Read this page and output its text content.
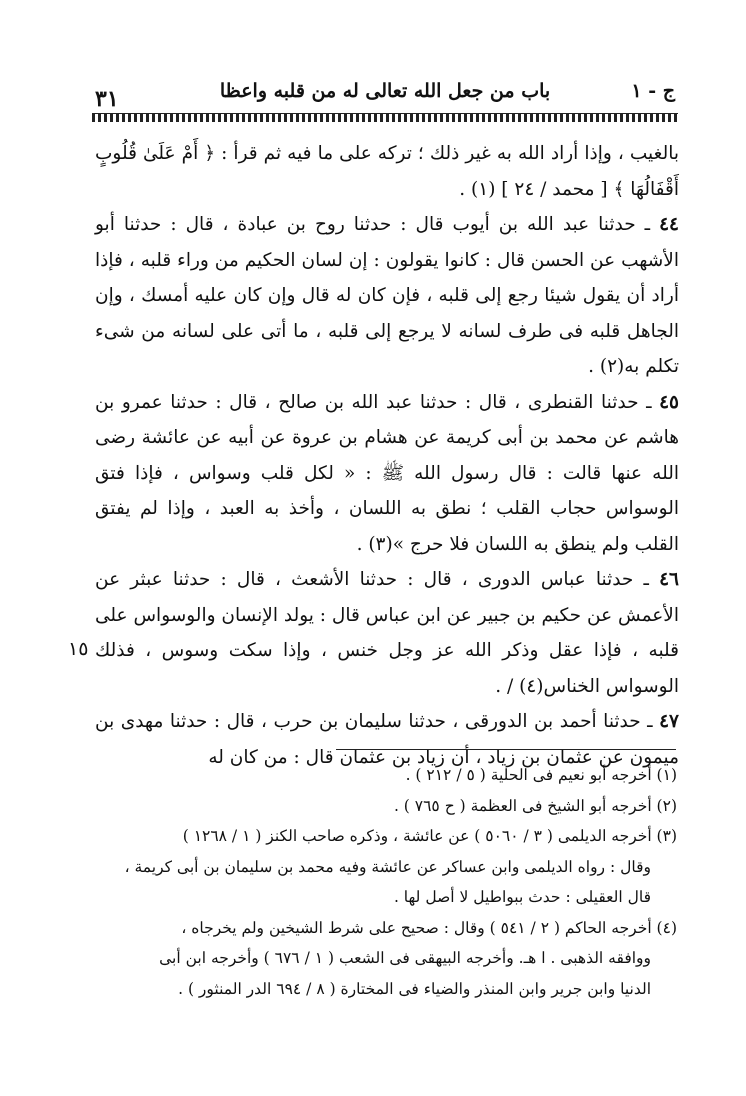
ج - ١
باب من جعل الله تعالى له من قلبه واعظا
٣١

بالغيب ، وإذا أراد الله به غير ذلك ؛ تركه على ما فيه ثم قرأ : ﴿ أَمْ عَلَىٰ قُلُوبٍ أَقْفَالُهَا ﴾ [ محمد / ٢٤ ] (١) .

٤٤ ـ حدثنا عبد الله بن أيوب قال : حدثنا روح بن عبادة ، قال : حدثنا أبو الأشهب عن الحسن قال : كانوا يقولون : إن لسان الحكيم من وراء قلبه ، فإذا أراد أن يقول شيئا رجع إلى قلبه ، فإن كان له قال وإن كان عليه أمسك ، وإن الجاهل قلبه فى طرف لسانه لا يرجع إلى قلبه ، ما أتى على لسانه من شىء تكلم به(٢) .

٤٥ ـ حدثنا القنطرى ، قال : حدثنا عبد الله بن صالح ، قال : حدثنا عمرو بن هاشم عن محمد بن أبى كريمة عن هشام بن عروة عن أبيه عن عائشة رضى الله عنها قالت : قال رسول الله ﷺ : « لكل قلب وسواس ، فإذا فتق الوسواس حجاب القلب ؛ نطق به اللسان ، وأخذ به العبد ، وإذا لم يفتق القلب ولم ينطق به اللسان فلا حرج »(٣) .

٤٦ ـ حدثنا عباس الدورى ، قال : حدثنا الأشعث ، قال : حدثنا عبثر عن الأعمش عن حكيم بن جبير عن ابن عباس قال : يولد الإنسان والوسواس على قلبه ، فإذا عقل وذكر الله عز وجل خنس ، وإذا سكت وسوس ، فذلك الوسواس الخناس(٤) / .

٤٧ ـ حدثنا أحمد بن الدورقى ، حدثنا سليمان بن حرب ، قال : حدثنا مهدى بن ميمون عن عثمان بن زياد ، أن زياد بن عثمان قال : من كان له

١٥

(١) أخرجه أبو نعيم فى الحلية ( ٥ / ٢١٢ ) .

(٢) أخرجه أبو الشيخ فى العظمة ( ح ٧٦٥ ) .

(٣) أخرجه الديلمى ( ٣ / ٥٠٦٠ ) عن عائشة ، وذكره صاحب الكنز ( ١ / ١٢٦٨ )

وقال : رواه الديلمى وابن عساكر عن عائشة وفيه محمد بن سليمان بن أبى كريمة ،

قال العقيلى : حدث ببواطيل لا أصل لها .

(٤) أخرجه الحاكم ( ٢ / ٥٤١ ) وقال : صحيح على شرط الشيخين ولم يخرجاه ،

ووافقه الذهبى . ا هـ. وأخرجه البيهقى فى الشعب ( ١ / ٦٧٦ ) وأخرجه ابن أبى

الدنيا وابن جرير وابن المنذر والضياء فى المختارة ( ٨ / ٦٩٤ الدر المنثور ) .
